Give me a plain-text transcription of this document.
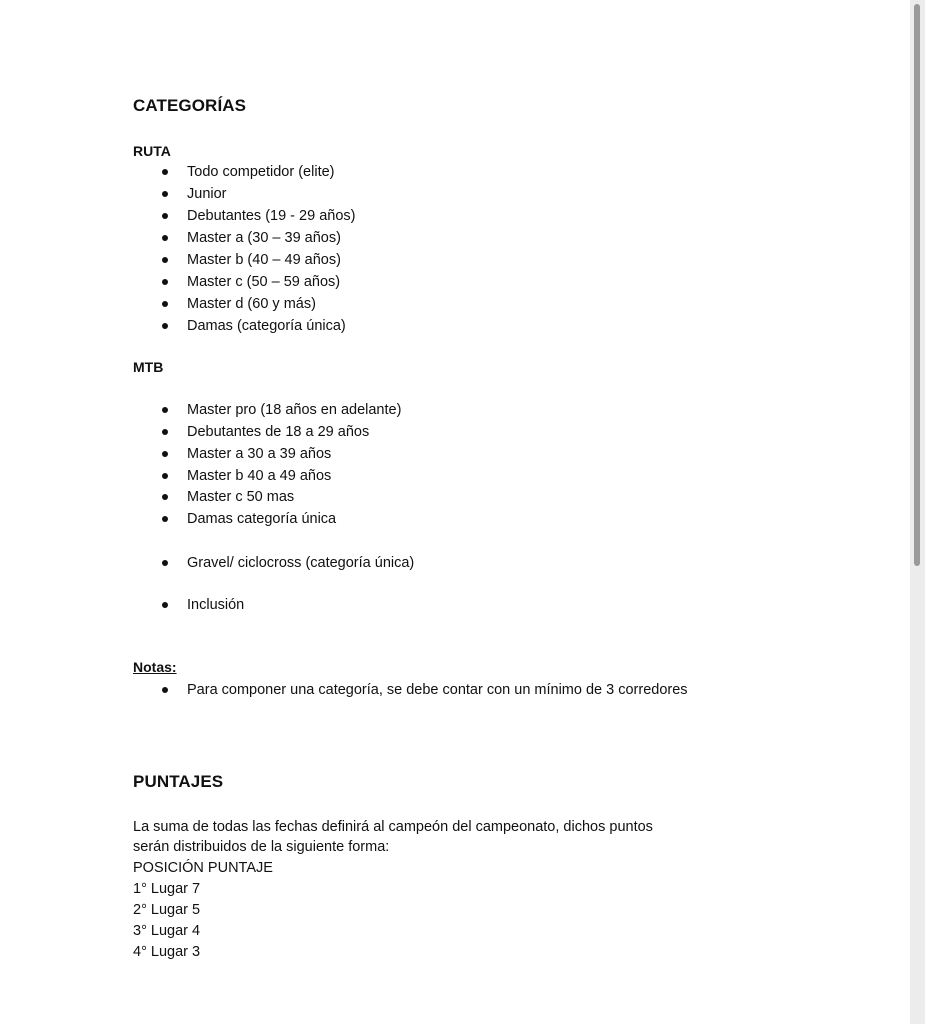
CATEGORÍAS
RUTA
Todo competidor (elite)
Junior
Debutantes (19 - 29 años)
Master a (30 – 39 años)
Master b (40 – 49 años)
Master c (50 – 59 años)
Master d (60 y más)
Damas (categoría única)
MTB
Master pro (18 años en adelante)
Debutantes de 18 a 29 años
Master a 30 a 39 años
Master b 40 a 49 años
Master c 50 mas
Damas categoría única
Gravel/ ciclocross (categoría única)
Inclusión
Notas:
Para componer una categoría, se debe contar con un mínimo de 3 corredores
PUNTAJES
La suma de todas las fechas definirá al campeón del campeonato, dichos puntos
serán distribuidos de la siguiente forma:
POSICIÓN PUNTAJE
1° Lugar 7
2° Lugar 5
3° Lugar 4
4° Lugar 3
